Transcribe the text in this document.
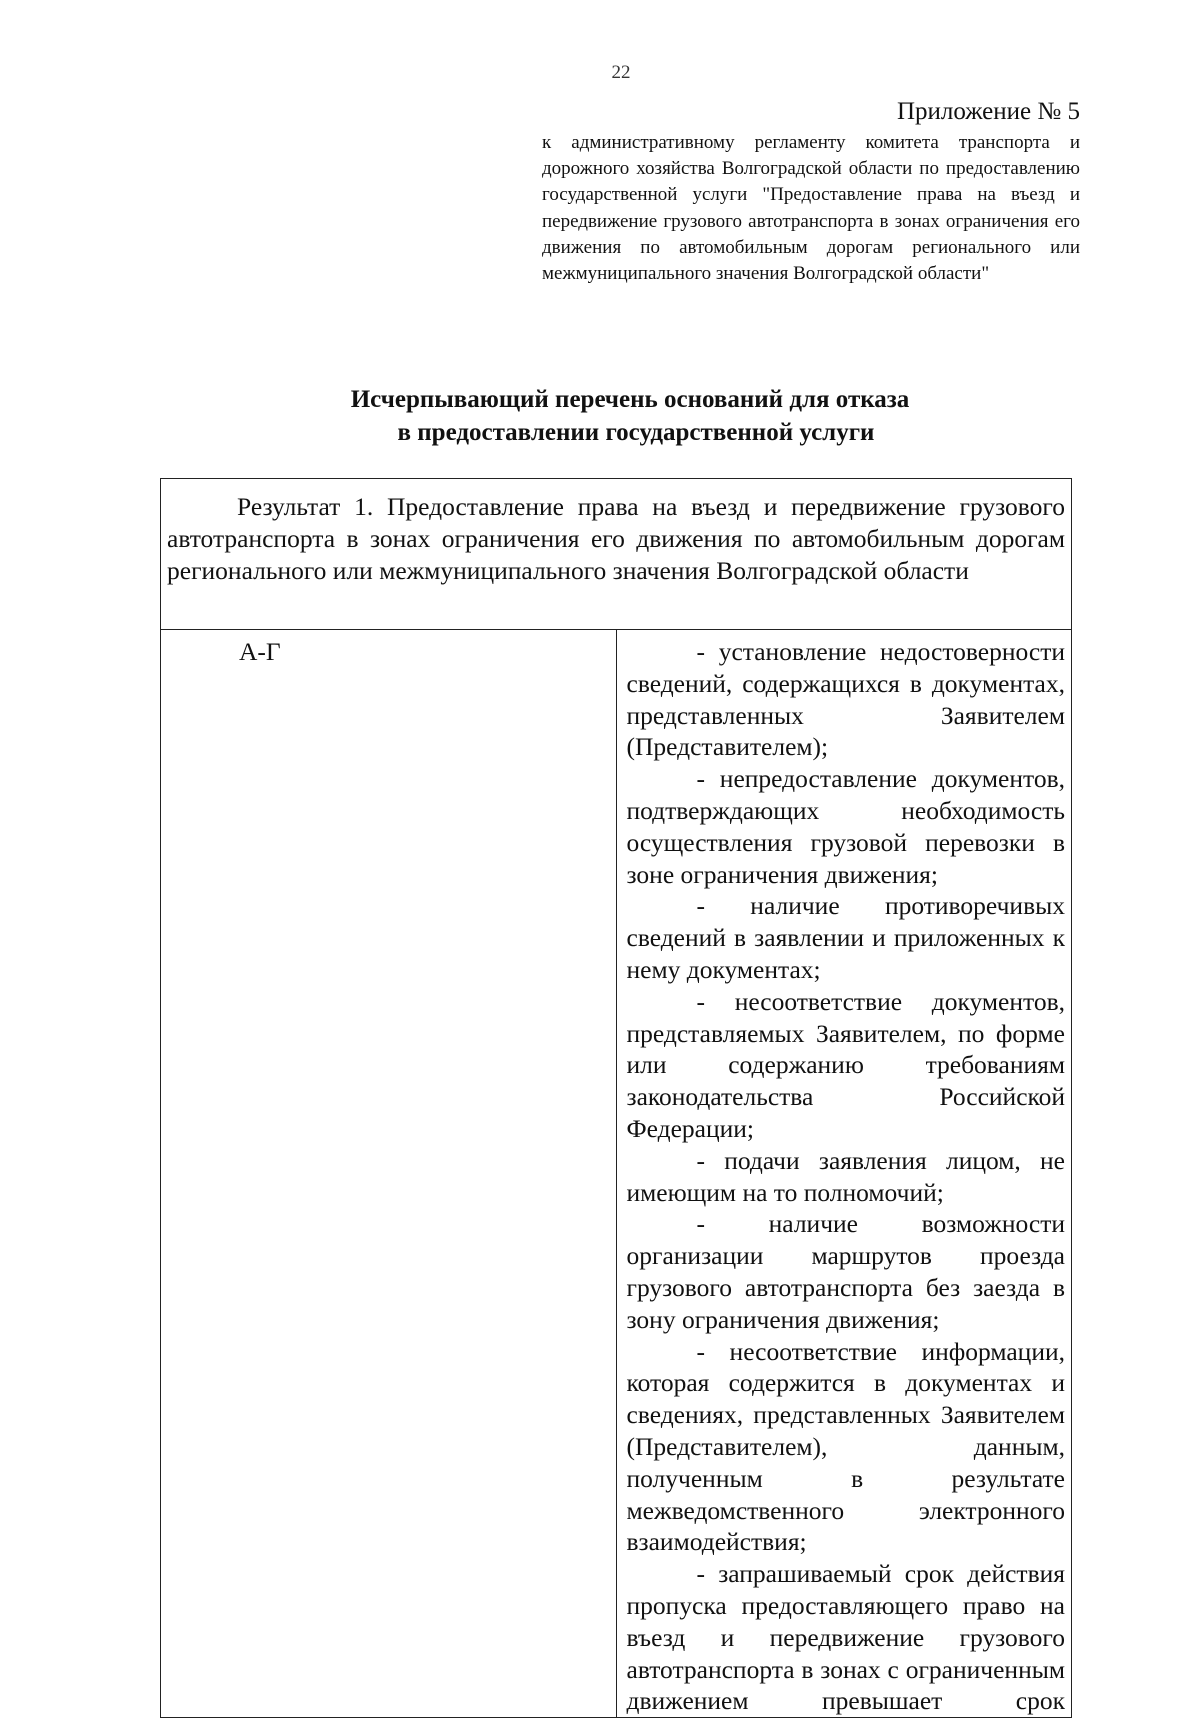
22
Приложение № 5
к административному регламенту комитета транспорта и дорожного хозяйства Волгоградской области по предоставлению государственной услуги "Предоставление права на въезд и передвижение грузового автотранспорта в зонах ограничения его движения по автомобильным дорогам регионального или межмуниципального значения Волгоградской области"
Исчерпывающий перечень оснований для отказа
в предоставлении государственной услуги
Результат 1. Предоставление права на въезд и передвижение грузового автотранспорта в зонах ограничения его движения по автомобильным дорогам регионального или межмуниципального значения Волгоградской области

А-Г	- установление недостоверности сведений, содержащихся в документах, представленных Заявителем (Представителем);

- непредоставление документов, подтверждающих необходимость осуществления грузовой перевозки в зоне ограничения движения;

- наличие противоречивых сведений в заявлении и приложенных к нему документах;

- несоответствие документов, представляемых Заявителем, по форме или содержанию требованиям законодательства Российской Федерации;

- подачи заявления лицом, не имеющим на то полномочий;

- наличие возможности организации маршрутов проезда грузового автотранспорта без заезда в зону ограничения движения;

- несоответствие информации, которая содержится в документах и сведениях, представленных Заявителем (Представителем), данным, полученным в результате межведомственного электронного взаимодействия;

- запрашиваемый срок действия пропуска предоставляющего право на въезд и передвижение грузового автотранспорта в зонах с ограниченным движением превышает срок
